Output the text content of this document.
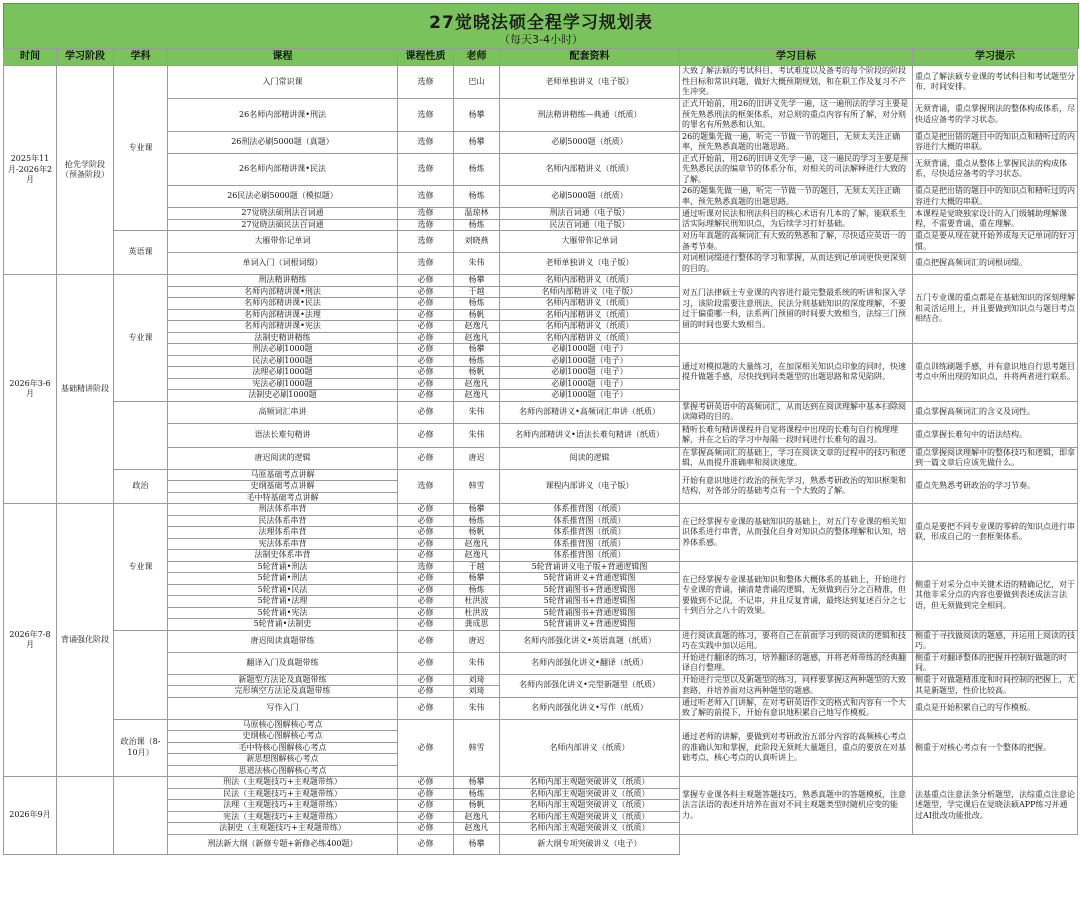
27觉晓法硕全程学习规划表
（每天3-4小时）
时间	学习阶段	学科	课程	课程性质	老师	配套资料	学习目标	学习提示
2025年11月-2026年2月	抢先学阶段（预备阶段）	专业课	入门常识课	选修	巴山	老师单独讲义（电子版）	大致了解法硕的考试科目、考试难度以及备考的每个阶段的阶段性目标和常识问题，做好大概预期规划，和在职工作及复习不产生冲突。	重点了解法硕专业课的考试科目和考试题型分布、时间安排。
			26名师内部精讲课•刑法	选修	杨攀	刑法精讲精练—典通（纸质）	正式开始前，用26的旧讲义先学一遍，这一遍刑法的学习主要是预先熟悉刑法的框架体系，对总则的重点内容有所了解，对分则的罪名有所熟悉和认知。	无须背诵，重点掌握刑法的整体构成体系，尽快适应备考的学习状态。
			26刑法必刷5000题（真题）	选修	杨攀	必刷5000题（纸质）	26的题集先做一遍，听完一节做一节的题目，无须太关注正确率，预先熟悉真题的出题思路。	重点是把出错的题目中的知识点和精听过的内容进行大概的串联。
			26名师内部精讲课•民法	选修	杨炼	名师内部精讲义（纸质）	正式开始前，用26的旧讲义先学一遍，这一遍民的学习主要是预先熟悉民法的编章节的体系分布，对相关的司法解释进行大致的了解。	无须背诵，重点从整体上掌握民法的构成体系，尽快适应备考的学习状态。
			26民法必刷5000题（模拟题）	选修	杨炼	必刷5000题（纸质）	26的题集先做一遍，听完一节做一节的题目，无须太关注正确率，预先熟悉真题的出题思路。	重点是把出错的题目中的知识点和精听过的内容进行大概的串联。
			27觉晓法硕刑法百词通	选修	温琼林	刑法百词通（电子版）	通过听课对民法和刑法科目的核心术语有几本的了解，能联系生活实际理解民刑知识点，为后续学习打好基础。	本课程是觉晓独家设计的入门级辅助理解课程，不需要背诵，重在理解。
			27觉晓法硕民法百词通	选修	杨炼	民法百词通（电子版）		
		英语课	大雁带你记单词	选修	刘晓燕	大雁带你记单词	对历年真题的高频词汇有大致的熟悉和了解，尽快适应英语一的备考节奏。	重点是要从现在就开始养成每天记单词的好习惯。
			单词入门（词根词缀）	选修	朱伟	老师单独讲义（电子版）	对词根词缀进行整体的学习和掌握，从而达到记单词更快更深刻的目的。	重点把握高频词汇的词根词缀。
2026年3-6月	基础精讲阶段	专业课	刑法精讲精练	必修	杨攀	名师内部精讲义（纸质）	对五门法律硕士专业课的内容进行最完整最系统的听讲和深入学习，该阶段需要注意刑法、民法分则基础知识的深度理解，不要过于偏重哪一科，法系两门预留的时间要大致相当，法综三门预留的时间也要大致相当。	五门专业课的重点都是在基础知识的深刻理解和灵活运用上，并且要做到知识点与题目考点相结合。
			名师内部精讲课•刑法	必修	于越	名师内部精讲义（电子版）		
			名师内部精讲课•民法	必修	杨炼	名师内部精讲义（纸质）		
			名师内部精讲课•法理	必修	杨帆	名师内部精讲义（纸质）		
			名师内部精讲课•宪法	必修	赵逸凡	名师内部精讲义（纸质）		
			法制史精讲精练	必修	赵逸凡	名师内部精讲义（纸质）		
			刑法必刷1000题	必修	杨攀	必刷1000题（电子）	通过对模拟题的大量练习，在加深相关知识点印象的同时，快速提升做题手感，尽快找到同类题型的出题思路和常见陷阱。	重点训练刷题手感，并有意识地自行思考题目考点中所出现的知识点，并将两者进行联系。
			民法必刷1000题	必修	杨炼	必刷1000题（电子）		
			法理必刷1000题	必修	杨帆	必刷1000题（电子）		
			宪法必刷1000题	必修	赵逸凡	必刷1000题（电子）		
			法制史必刷1000题	必修	赵逸凡	必刷1000题（电子）		
			高频词汇串讲	必修	朱伟	名师内部精讲义•高频词汇串讲（纸质）	掌握考研英语中的高频词汇，从而达到在阅读理解中基本扫除阅读障碍的目的。	重点掌握高频词汇的含义及词性。
			语法长难句精讲	必修	朱伟	名师内部精讲义•语法长难句精讲（纸质）	精听长难句精讲课程并自觉将课程中出现的长难句自行梳理理解，并在之后的学习中每隔一段时间进行长难句的温习。	重点掌握长难句中的语法结构。
			唐迟阅读的逻辑	必修	唐迟	阅读的逻辑	在掌握高频词汇的基础上，学习在阅读文章的过程中的技巧和逻辑，从而提升准确率和阅读速度。	重点掌握阅读理解中的整体技巧和逻辑，即拿到一篇文章后应该先做什么。
		政治	马原基础考点讲解	选修	韩雪	课程内部讲义（电子版）	开始有意识地进行政治的预先学习，熟悉考研政治的知识框架和结构，对各部分的基础考点有一个大致的了解。	重点先熟悉考研政治的学习节奏。
			史纲基础考点讲解					
			毛中特基础考点讲解					
2026年7-8月	背诵强化阶段	专业课	刑法体系串背	必修	杨攀	体系推背图（纸质）	在已经掌握专业课的基础知识的基础上，对五门专业课的相关知识体系进行串背，从而强化自身对知识点的整体理解和认知，培养体系感。	重点是要把不同专业课的零碎的知识点进行串联，形成自己的一套框架体系。
			民法体系串背	必修	杨炼	体系推背图（纸质）		
			法理体系串背	必修	杨帆	体系推背图（纸质）		
			宪法体系串背	必修	赵逸凡	体系推背图（纸质）		
			法制史体系串背	必修	赵逸凡	体系推背图（纸质）		
			5轮背诵•刑法	选修	于越	5轮背诵讲义电子版+背通逻辑图	在已经掌握专业课基础知识和整体大概体系的基础上，开始进行专业课的背诵，摘清楚背诵的逻辑，无须做到百分之百精准，但要做到不记混，不记串，并且反复背诵，最终达到复述百分之七十到百分之八十的效果。	侧重于对采分点中关键术语的精确记忆，对于其他非采分点的内容也要做到表述成法言法语，但无须做到完全相同。
			5轮背诵•刑法	必修	杨攀	5轮背诵讲义+背通逻辑图		
			5轮背诵•民法	必修	杨炼	5轮背诵图书+背通逻辑图		
			5轮背诵•法理	必修	杜洪波	5轮背诵图书+背通逻辑图		
			5轮背诵•宪法	必修	杜洪波	5轮背诵图书+背通逻辑图		
			5轮背诵•法制史	必修	龚成思	5轮背诵讲义+背通逻辑图		
			唐迟阅读真题带练	必修	唐迟	名师内部强化讲义•英语真题（纸质）	进行阅读真题的练习，要将自己在前面学习到的阅读的逻辑和技巧在实践中加以运用。	侧重于寻找做阅读的题感，并运用上阅读的技巧。
			翻译入门及真题带练	必修	朱伟	名师内部强化讲义•翻译（纸质）	开始进行翻译的练习，培养翻译的题感，并将老师带练的经典翻译自行整理。	侧重于对翻译整体的把握并控制好做题的时间。
			新题型方法论及真题带练	必修	刘琦	名师内部强化讲义•完型新题型（纸质）	开始进行完型以及新题型的练习，同样要掌握这两种题型的大致套路，并培养面对这两种题型的题感。	侧重于对做题精准度和时间控制的把握上，尤其是新题型，性价比较高。
			完形填空方法论及真题带练	必修	刘琦			
			写作入门	必修	朱伟	名师内部强化讲义•写作（纸质）	通过听老师入门讲解，在对考研英语作文的格式和内容有一个大致了解的前提下，开始有意识地积累自己地写作模板。	重点是开始积累自己的写作模板。
		政治课（8-10月）	马原核心图解核心考点	必修	韩雪	名师内部讲义（纸质）	通过老师的讲解，要做到对考研政治五部分内容的高频核心考点的准确认知和掌握，此阶段无须耗大量题目，重点的要放在对基础考点、核心考点的认真听讲上。	侧重于对核心考点有一个整体的把握。
			史纲核心图解核心考点					
			毛中特核心图解核心考点					
			新思想图解核心考点					
			思道法核心图解核心考点					
2026年9月			刑法（主观题技巧+主观题带练）	必修	杨攀	名师内部主观题突破讲义（纸质）	掌握专业课各科主观题答题技巧，熟悉真题中的答题模板，注意法言法语的表述并培养在面对不同主观题类型时随机应变的能力。	法基重点注意法条分析题型，法综重点注意论述题型，学完课后在觉晓法硕APP练习并通过AI批改功能批改。
			民法（主观题技巧+主观题带练）	必修	杨炼	名师内部主观题突破讲义（纸质）		
			法理（主观题技巧+主观题带练）	必修	杨帆	名师内部主观题突破讲义（纸质）		
			宪法（主观题技巧+主观题带练）	必修	赵逸凡	名师内部主观题突破讲义（纸质）		
			法制史（主观题技巧+主观题带练）	必修	赵逸凡	名师内部主观题突破讲义（纸质）		
			刑法新大纲（新修专题+新修必练400题）	必修	杨攀	新大纲专项突破讲义（电子）		
